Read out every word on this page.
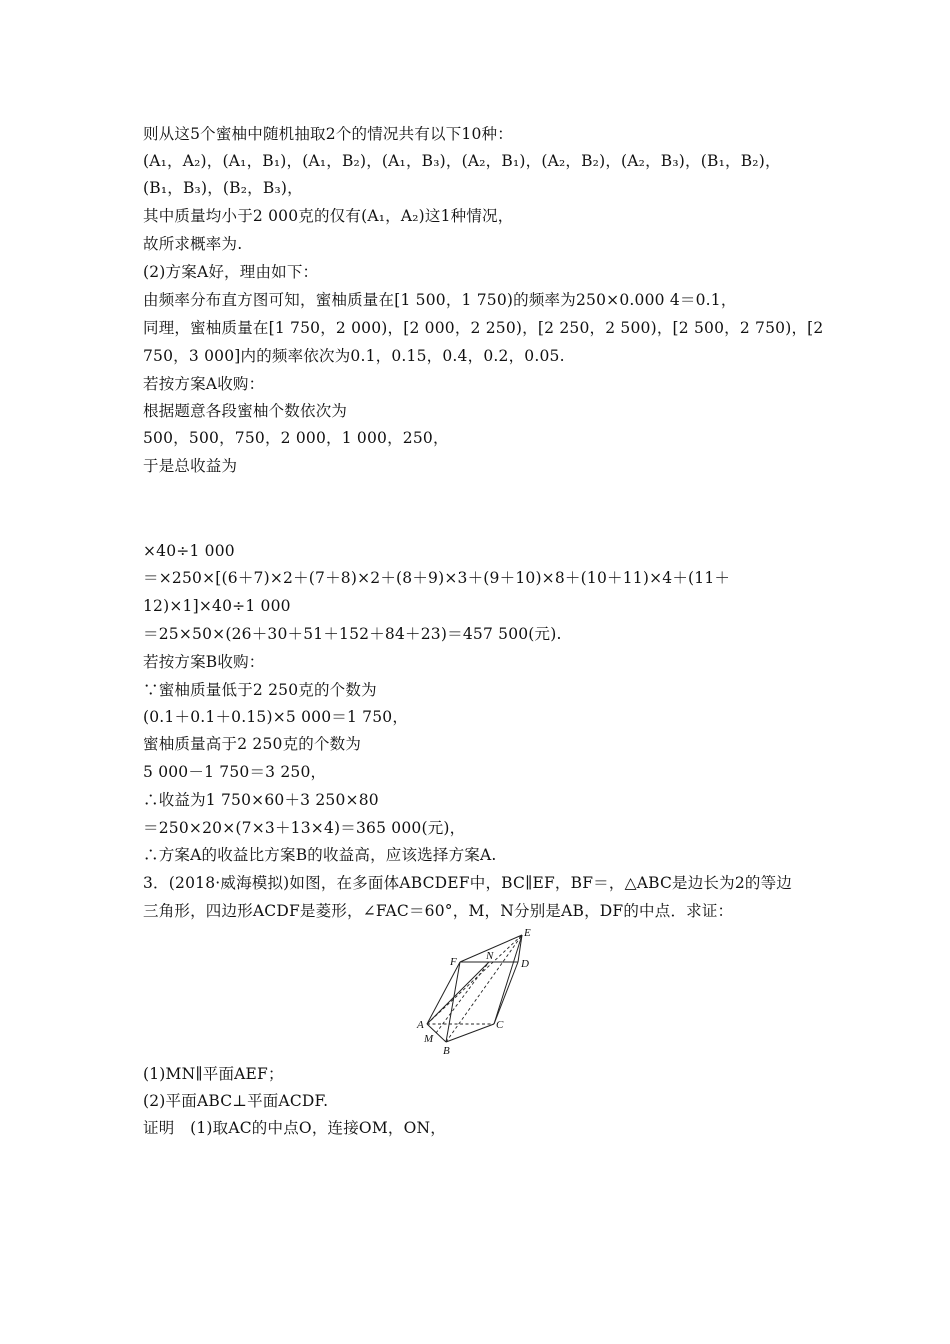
则从这5个蜜柚中随机抽取2个的情况共有以下10种：
(A₁，A₂)，(A₁，B₁)，(A₁，B₂)，(A₁，B₃)，(A₂，B₁)，(A₂，B₂)，(A₂，B₃)，(B₁，B₂)，
(B₁，B₃)，(B₂，B₃)，
其中质量均小于2 000克的仅有(A₁，A₂)这1种情况，
故所求概率为.
(2)方案A好，理由如下：
由频率分布直方图可知，蜜柚质量在[1 500，1 750)的频率为250×0.000 4＝0.1，
同理，蜜柚质量在[1 750，2 000)，[2 000，2 250)，[2 250，2 500)，[2 500，2 750)，[2
750，3 000]内的频率依次为0.1，0.15，0.4，0.2，0.05.
若按方案A收购：
根据题意各段蜜柚个数依次为
500，500，750，2 000，1 000，250，
于是总收益为
×40÷1 000
＝×250×[(6＋7)×2＋(7＋8)×2＋(8＋9)×3＋(9＋10)×8＋(10＋11)×4＋(11＋
12)×1]×40÷1 000
＝25×50×(26＋30＋51＋152＋84＋23)＝457 500(元).
若按方案B收购：
∵蜜柚质量低于2 250克的个数为
(0.1＋0.1＋0.15)×5 000＝1 750，
蜜柚质量高于2 250克的个数为
5 000－1 750＝3 250，
∴收益为1 750×60＋3 250×80
＝250×20×(7×3＋13×4)＝365 000(元)，
∴方案A的收益比方案B的收益高，应该选择方案A.
3．(2018·威海模拟)如图，在多面体ABCDEF中，BC∥EF，BF＝，△ABC是边长为2的等边
三角形，四边形ACDF是菱形，∠FAC＝60°，M，N分别是AB，DF的中点．求证：
F	N
E
D
A
M
B
C
(1)MN∥平面AEF；
(2)平面ABC⊥平面ACDF.
证明　(1)取AC的中点O，连接OM，ON，
